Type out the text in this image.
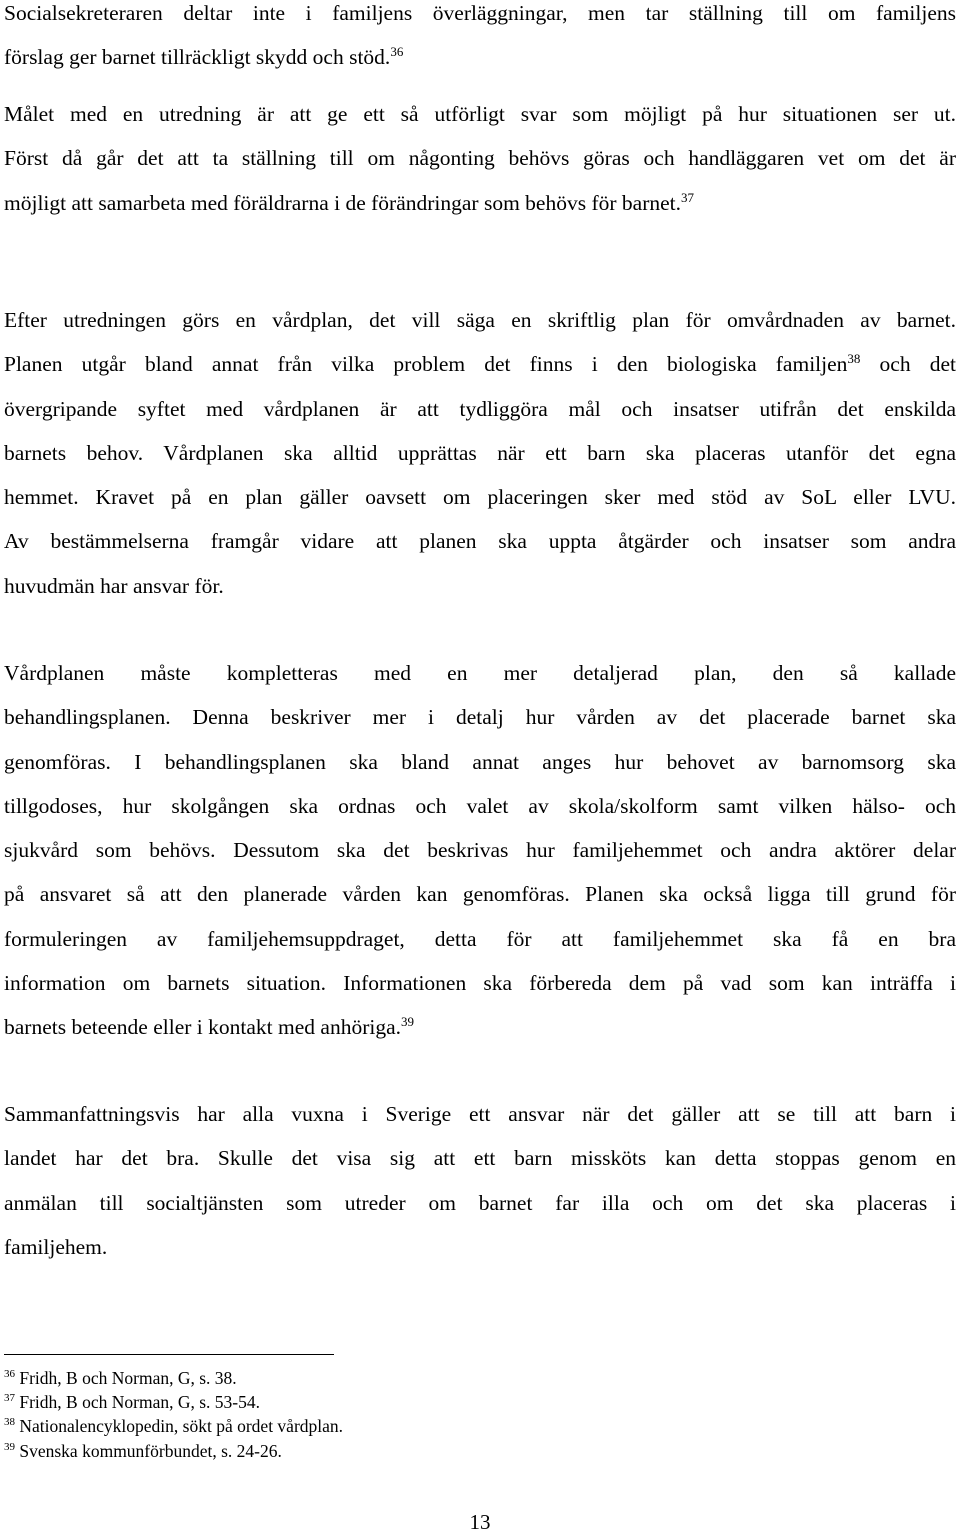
Socialsekreteraren deltar inte i familjens överläggningar, men tar ställning till om familjens
förslag ger barnet tillräckligt skydd och stöd.$^{36}$

Målet med en utredning är att ge ett så utförligt svar som möjligt på hur situationen ser ut.
Först då går det att ta ställning till om någonting behövs göras och handläggaren vet om det är
möjligt att samarbeta med föräldrarna i de förändringar som behövs för barnet.$^{37}$

Efter utredningen görs en vårdplan, det vill säga en skriftlig plan för omvårdnaden av barnet.
Planen utgår bland annat från vilka problem det finns i den biologiska familjen$^{38}$ och det
övergripande syftet med vårdplanen är att tydliggöra mål och insatser utifrån det enskilda
barnets behov. Vårdplanen ska alltid upprättas när ett barn ska placeras utanför det egna
hemmet. Kravet på en plan gäller oavsett om placeringen sker med stöd av SoL eller LVU.
Av bestämmelserna framgår vidare att planen ska uppta åtgärder och insatser som andra
huvudmän har ansvar för.

Vårdplanen måste kompletteras med en mer detaljerad plan, den så kallade
behandlingsplanen. Denna beskriver mer i detalj hur vården av det placerade barnet ska
genomföras. I behandlingsplanen ska bland annat anges hur behovet av barnomsorg ska
tillgodoses, hur skolgången ska ordnas och valet av skola/skolform samt vilken hälso- och
sjukvård som behövs. Dessutom ska det beskrivas hur familjehemmet och andra aktörer delar
på ansvaret så att den planerade vården kan genomföras. Planen ska också ligga till grund för
formuleringen av familjehemsuppdraget, detta för att familjehemmet ska få en bra
information om barnets situation. Informationen ska förbereda dem på vad som kan inträffa i
barnets beteende eller i kontakt med anhöriga.$^{39}$

Sammanfattningsvis har alla vuxna i Sverige ett ansvar när det gäller att se till att barn i
landet har det bra. Skulle det visa sig att ett barn missköts kan detta stoppas genom en
anmälan till socialtjänsten som utreder om barnet far illa och om det ska placeras i
familjehem.

$^{36}$ Fridh, B och Norman, G, s. 38.
$^{37}$ Fridh, B och Norman, G, s. 53-54.
$^{38}$ Nationalencyklopedin, sökt på ordet vårdplan.
$^{39}$ Svenska kommunförbundet, s. 24-26.
13
